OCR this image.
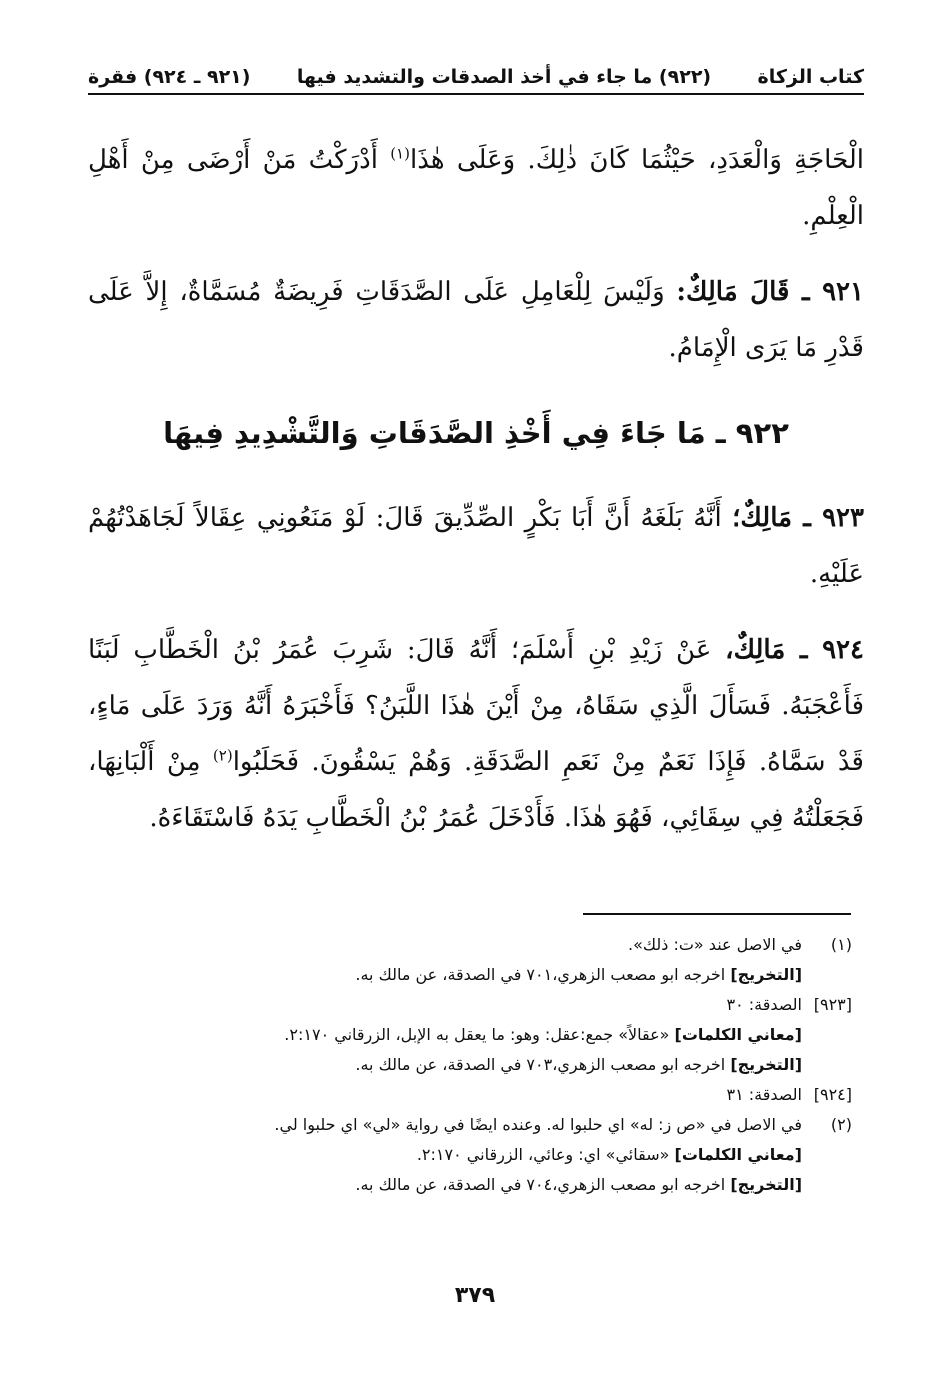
كتاب الزكاة
(٩٢٢) ما جاء في أخذ الصدقات والتشديد فيها
(٩٢١ ـ ٩٢٤) فقرة
الْحَاجَةِ وَالْعَدَدِ، حَيْثُمَا كَانَ ذٰلِكَ. وَعَلَى هٰذَا$^{(١)}$ أَدْرَكْتُ مَنْ أَرْضَى مِنْ أَهْلِ الْعِلْمِ.
٩٢١ ـ قَالَ مَالِكٌ: وَلَيْسَ لِلْعَامِلِ عَلَى الصَّدَقَاتِ فَرِيضَةٌ مُسَمَّاةٌ، إِلاَّ عَلَى قَدْرِ مَا يَرَى الْإِمَامُ.
٩٢٢ ـ مَا جَاءَ فِي أَخْذِ الصَّدَقَاتِ وَالتَّشْدِيدِ فِيهَا
٩٢٣ ـ مَالِكٌ؛ أَنَّهُ بَلَغَهُ أَنَّ أَبَا بَكْرٍ الصِّدِّيقَ قَالَ: لَوْ مَنَعُونِي عِقَالاً لَجَاهَدْتُهُمْ عَلَيْهِ.
٩٢٤ ـ مَالِكٌ، عَنْ زَيْدِ بْنِ أَسْلَمَ؛ أَنَّهُ قَالَ: شَرِبَ عُمَرُ بْنُ الْخَطَّابِ لَبَنًا فَأَعْجَبَهُ. فَسَأَلَ الَّذِي سَقَاهُ، مِنْ أَيْنَ هٰذَا اللَّبَنُ؟ فَأَخْبَرَهُ أَنَّهُ وَرَدَ عَلَى مَاءٍ، قَدْ سَمَّاهُ. فَإِذَا نَعَمٌ مِنْ نَعَمِ الصَّدَقَةِ. وَهُمْ يَسْقُونَ. فَحَلَبُوا$^{(٢)}$ مِنْ أَلْبَانِهَا، فَجَعَلْتُهُ فِي سِقَائِي، فَهُوَ هٰذَا. فَأَدْخَلَ عُمَرُ بْنُ الْخَطَّابِ يَدَهُ فَاسْتَقَاءَهُ.
(١)
في الاصل عند «ت: ذلك».
[التخريج] اخرجه ابو مصعب الزهري،٧٠١ في الصدقة، عن مالك به.
[٩٢٣]
الصدقة: ٣٠
[معاني الكلمات] «عقالاً» جمع:عقل: وهو: ما يعقل به الإبل، الزرقاني ٢:١٧٠.
[التخريج] اخرجه ابو مصعب الزهري،٧٠٣ في الصدقة، عن مالك به.
[٩٢٤]
الصدقة: ٣١
(٢)
في الاصل في «ص ز: له» اي حلبوا له. وعنده ايضًا في رواية «لي» اي حلبوا لي.
[معاني الكلمات] «سقائي» اي: وعائي، الزرقاني ٢:١٧٠.
[التخريج] اخرجه ابو مصعب الزهري،٧٠٤ في الصدقة، عن مالك به.
٣٧٩
